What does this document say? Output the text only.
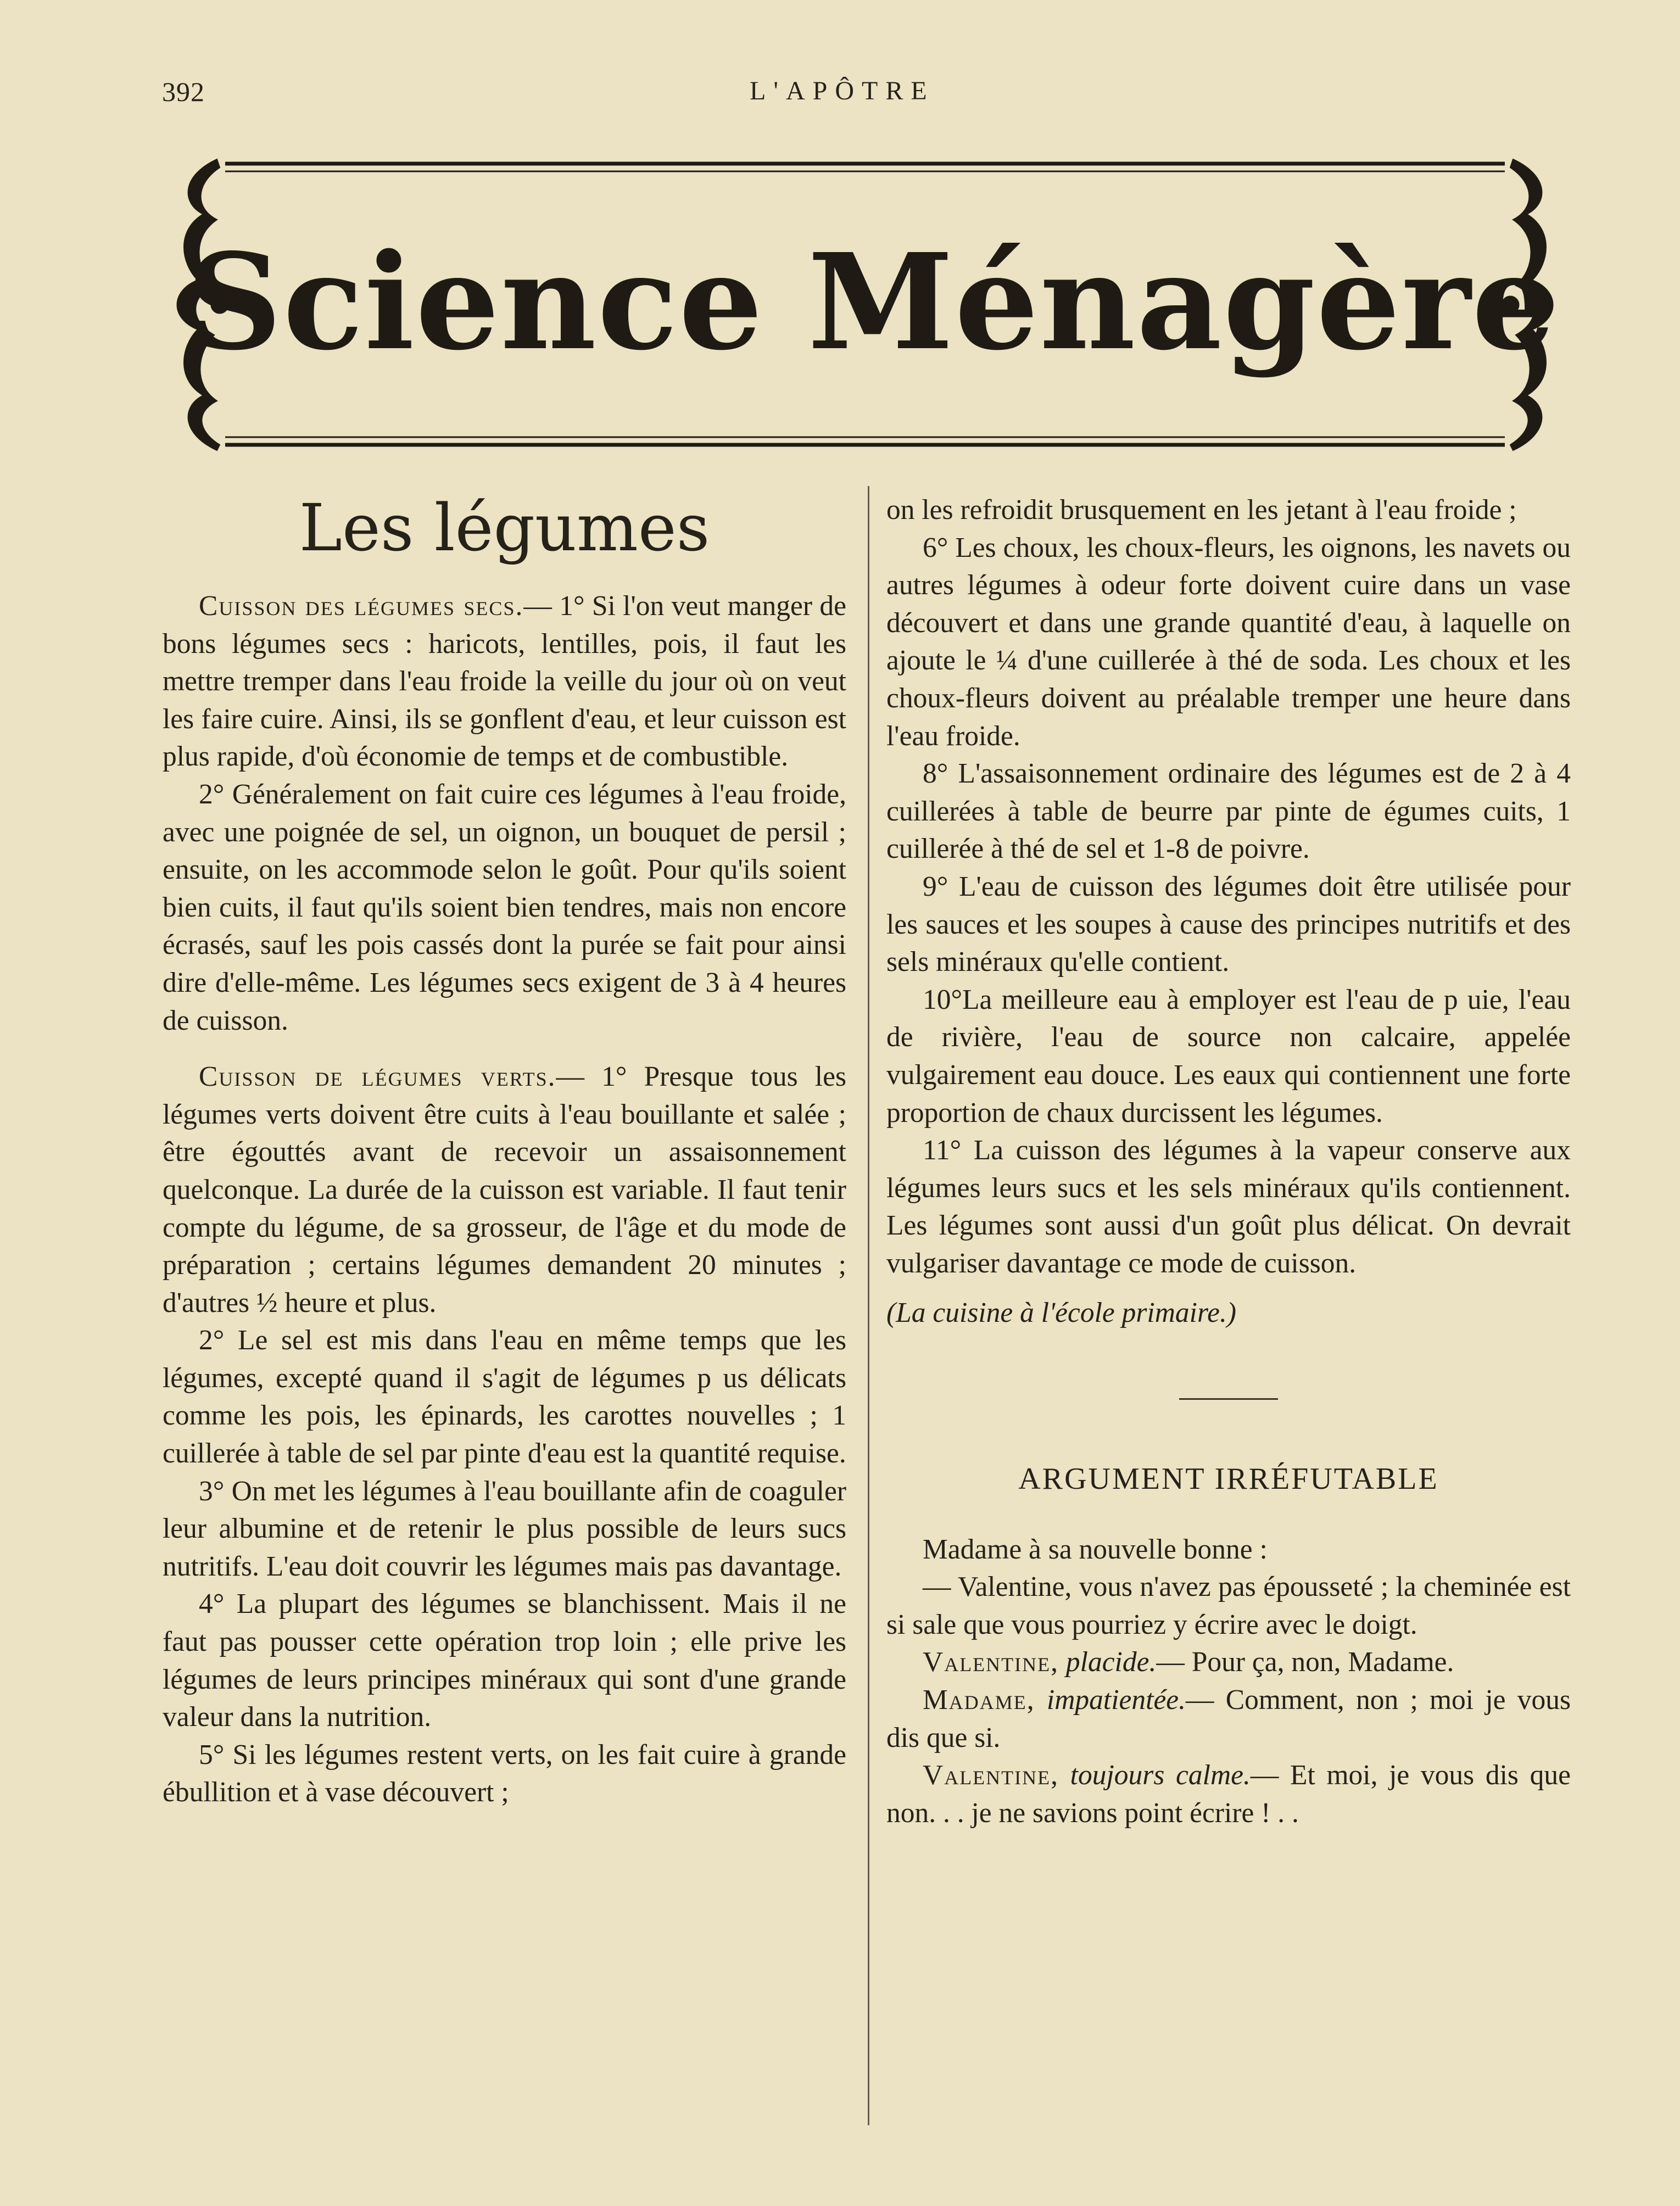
392	L'APÔTRE
Science Ménagère

Les légumes

Cuisson des légumes secs.— 1° Si l'on veut manger de bons légumes secs : haricots, lentilles, pois, il faut les mettre tremper dans l'eau froide la veille du jour où on veut les faire cuire. Ainsi, ils se gonflent d'eau, et leur cuisson est plus rapide, d'où économie de temps et de combustible.

2° Généralement on fait cuire ces légumes à l'eau froide, avec une poignée de sel, un oignon, un bouquet de persil ; ensuite, on les accommode selon le goût. Pour qu'ils soient bien cuits, il faut qu'ils soient bien tendres, mais non encore écrasés, sauf les pois cassés dont la purée se fait pour ainsi dire d'elle-même. Les légumes secs exigent de 3 à 4 heures de cuisson.

Cuisson de légumes verts.— 1° Presque tous les légumes verts doivent être cuits à l'eau bouillante et salée ; être égouttés avant de recevoir un assaisonnement quelconque. La durée de la cuisson est variable. Il faut tenir compte du légume, de sa grosseur, de l'âge et du mode de préparation ; certains légumes demandent 20 minutes ; d'autres ½ heure et plus.

2° Le sel est mis dans l'eau en même temps que les légumes, excepté quand il s'agit de légumes p us délicats comme les pois, les épinards, les carottes nouvelles ; 1 cuillerée à table de sel par pinte d'eau est la quantité requise.

3° On met les légumes à l'eau bouillante afin de coaguler leur albumine et de retenir le plus possible de leurs sucs nutritifs. L'eau doit couvrir les légumes mais pas davantage.

4° La plupart des légumes se blanchissent. Mais il ne faut pas pousser cette opération trop loin ; elle prive les légumes de leurs principes minéraux qui sont d'une grande valeur dans la nutrition.

5° Si les légumes restent verts, on les fait cuire à grande ébullition et à vase découvert ;

on les refroidit brusquement en les jetant à l'eau froide ;

6° Les choux, les choux-fleurs, les oignons, les navets ou autres légumes à odeur forte doivent cuire dans un vase découvert et dans une grande quantité d'eau, à laquelle on ajoute le ¼ d'une cuillerée à thé de soda. Les choux et les choux-fleurs doivent au préalable tremper une heure dans l'eau froide.

8° L'assaisonnement ordinaire des légumes est de 2 à 4 cuillerées à table de beurre par pinte de égumes cuits, 1 cuillerée à thé de sel et 1-8 de poivre.

9° L'eau de cuisson des légumes doit être utilisée pour les sauces et les soupes à cause des principes nutritifs et des sels minéraux qu'elle contient.

10°La meilleure eau à employer est l'eau de p uie, l'eau de rivière, l'eau de source non calcaire, appelée vulgairement eau douce. Les eaux qui contiennent une forte proportion de chaux durcissent les légumes.

11° La cuisson des légumes à la vapeur conserve aux légumes leurs sucs et les sels minéraux qu'ils contiennent. Les légumes sont aussi d'un goût plus délicat. On devrait vulgariser davantage ce mode de cuisson.

(La cuisine à l'école primaire.)

ARGUMENT IRRÉFUTABLE

Madame à sa nouvelle bonne :

— Valentine, vous n'avez pas épousseté ; la cheminée est si sale que vous pourriez y écrire avec le doigt.

Valentine, placide.— Pour ça, non, Madame.

Madame, impatientée.— Comment, non ; moi je vous dis que si.

Valentine, toujours calme.— Et moi, je vous dis que non. . . je ne savions point écrire ! . .
